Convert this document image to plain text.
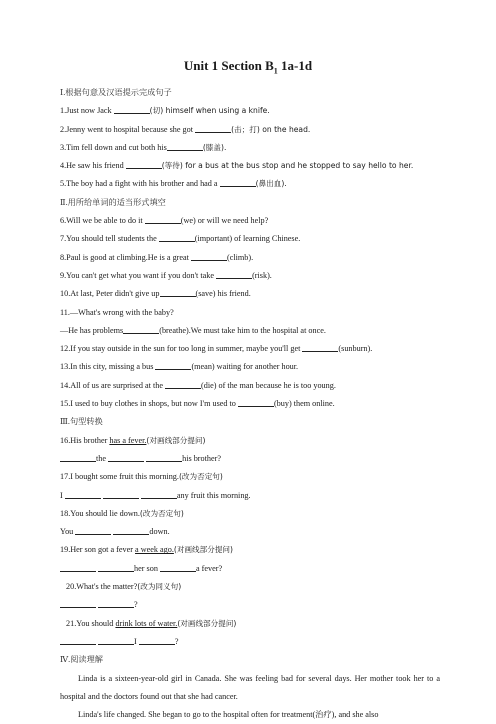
Unit 1 Section $B_1$ 1a-1d
Ⅰ.根据句意及汉语提示完成句子
1.Just now Jack	(切) himself when using a knife.
2.Jenny went to hospital because she got	(击；打) on the head.
3.Tim fell down and cut both his	(膝盖).
4.He saw his friend	(等待) for a bus at the bus stop and he stopped to say hello to her.
5.The boy had a fight with his brother and had a	(鼻出血).
Ⅱ.用所给单词的适当形式填空
6.Will we be able to do it	(we) or will we need help?
7.You should tell students the	(important) of learning Chinese.
8.Paul is good at climbing.He is a great	(climb).
9.You can't get what you want if you don't take	(risk).
10.At last, Peter didn't give up	(save) his friend.
11.—What's wrong with the baby?
—He has problems	(breathe).We must take him to the hospital at once.
12.If you stay outside in the sun for too long in summer, maybe you'll get	(sunburn).
13.In this city, missing a bus	(mean) waiting for another hour.
14.All of us are surprised at the	(die) of the man because he is too young.
15.I used to buy clothes in shops, but now I'm used to	(buy) them online.
Ⅲ.句型转换
16.His brother has a fever.(对画线部分提问)
the	his brother?
17.I bought some fruit this morning.(改为否定句)
I	any fruit this morning.
18.You should lie down.(改为否定句)
You	down.
19.Her son got a fever a week ago.(对画线部分提问)
her son	a fever?
20.What's the matter?(改为同义句)
?
21.You should drink lots of water.(对画线部分提问)
I	?
Ⅳ.阅读理解

Linda is a sixteen-year-old girl in Canada. She was feeling bad for several days. Her mother took her to a hospital and the doctors found out that she had cancer.

Linda's life changed. She began to go to the hospital often for treatment(治疗), and she also
